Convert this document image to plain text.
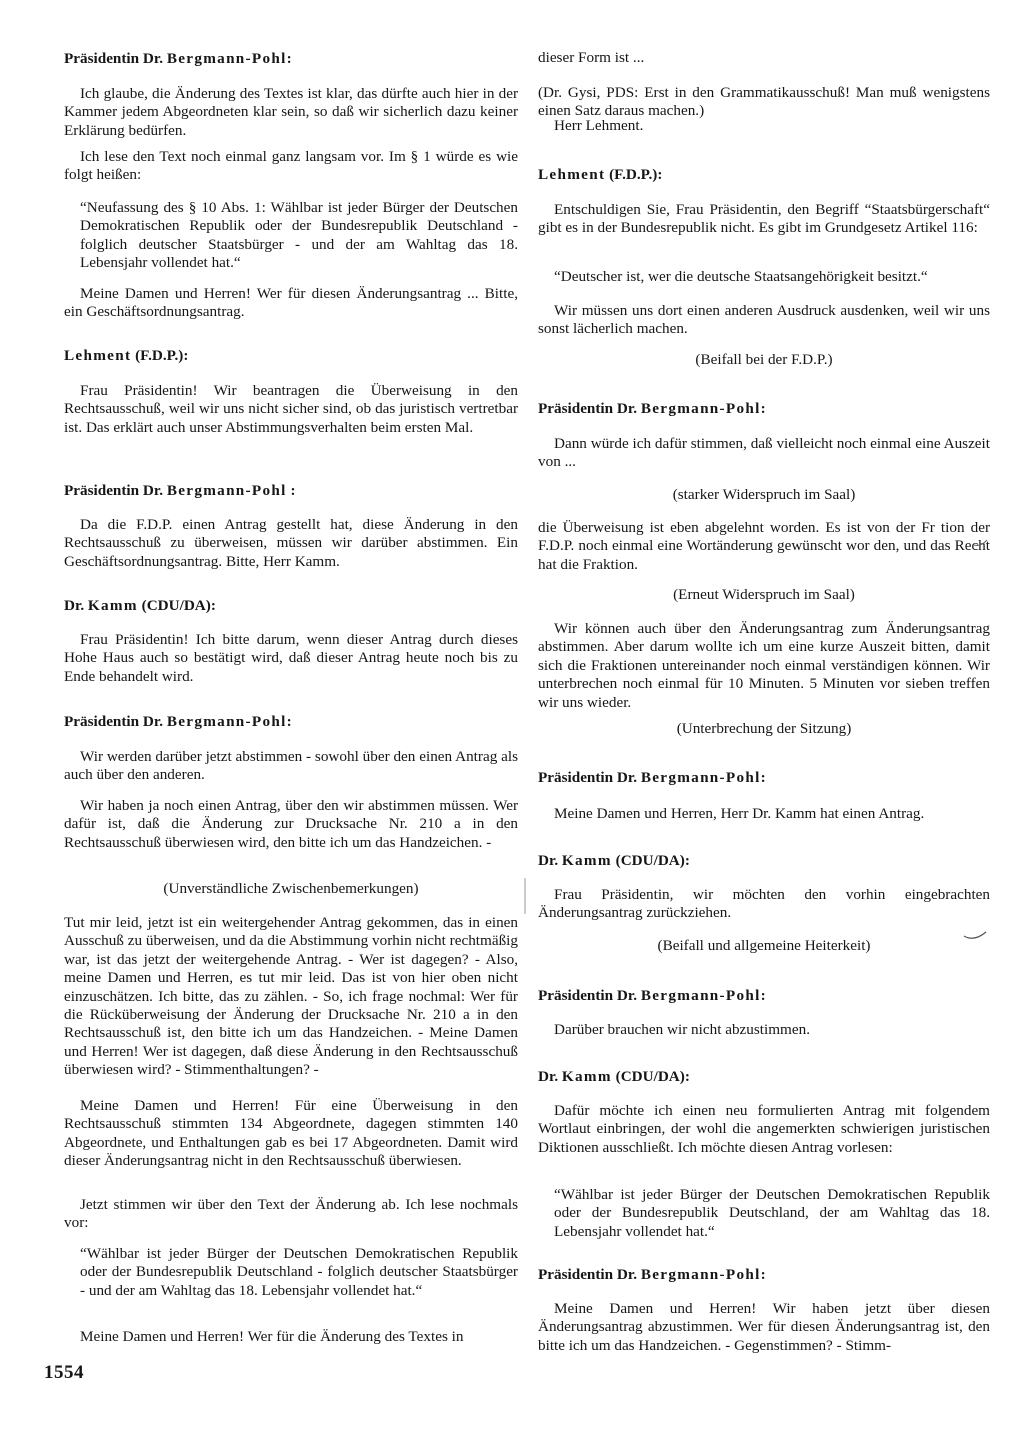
Präsidentin Dr. Bergmann-Pohl:

Ich glaube, die Änderung des Textes ist klar, das dürfte auch hier in der Kammer jedem Abgeordneten klar sein, so daß wir sicherlich dazu keiner Erklärung bedürfen.

Ich lese den Text noch einmal ganz langsam vor. Im § 1 würde es wie folgt heißen:

“Neufassung des § 10 Abs. 1: Wählbar ist jeder Bürger der Deutschen Demokratischen Republik oder der Bundesrepublik Deutschland - folglich deutscher Staatsbürger - und der am Wahltag das 18. Lebensjahr vollendet hat.“

Meine Damen und Herren! Wer für diesen Änderungsantrag ... Bitte, ein Geschäftsordnungsantrag.

Lehment (F.D.P.):

Frau Präsidentin! Wir beantragen die Überweisung in den Rechtsausschuß, weil wir uns nicht sicher sind, ob das juristisch vertretbar ist. Das erklärt auch unser Abstimmungsverhalten beim ersten Mal.

Präsidentin Dr. Bergmann-Pohl :

Da die F.D.P. einen Antrag gestellt hat, diese Änderung in den Rechtsausschuß zu überweisen, müssen wir darüber abstimmen. Ein Geschäftsordnungsantrag. Bitte, Herr Kamm.

Dr. Kamm (CDU/DA):

Frau Präsidentin! Ich bitte darum, wenn dieser Antrag durch dieses Hohe Haus auch so bestätigt wird, daß dieser Antrag heute noch bis zu Ende behandelt wird.

Präsidentin Dr. Bergmann-Pohl:

Wir werden darüber jetzt abstimmen - sowohl über den einen Antrag als auch über den anderen.

Wir haben ja noch einen Antrag, über den wir abstimmen müssen. Wer dafür ist, daß die Änderung zur Drucksache Nr. 210 a in den Rechtsausschuß überwiesen wird, den bitte ich um das Handzeichen. -

(Unverständliche Zwischenbemerkungen)

Tut mir leid, jetzt ist ein weitergehender Antrag gekommen, das in einen Ausschuß zu überweisen, und da die Abstimmung vorhin nicht rechtmäßig war, ist das jetzt der weitergehende Antrag. - Wer ist dagegen? - Also, meine Damen und Herren, es tut mir leid. Das ist von hier oben nicht einzuschätzen. Ich bitte, das zu zählen. - So, ich frage nochmal: Wer für die Rücküberweisung der Änderung der Drucksache Nr. 210 a in den Rechtsausschuß ist, den bitte ich um das Handzeichen. - Meine Damen und Herren! Wer ist dagegen, daß diese Änderung in den Rechtsausschuß überwiesen wird? - Stimmenthaltungen? -

Meine Damen und Herren! Für eine Überweisung in den Rechtsausschuß stimmten 134 Abgeordnete, dagegen stimmten 140 Abgeordnete, und Enthaltungen gab es bei 17 Abgeordneten. Damit wird dieser Änderungsantrag nicht in den Rechtsausschuß überwiesen.

Jetzt stimmen wir über den Text der Änderung ab. Ich lese nochmals vor:

“Wählbar ist jeder Bürger der Deutschen Demokratischen Republik oder der Bundesrepublik Deutschland - folglich deutscher Staatsbürger - und der am Wahltag das 18. Lebensjahr vollendet hat.“

Meine Damen und Herren! Wer für die Änderung des Textes in

dieser Form ist ...

(Dr. Gysi, PDS: Erst in den Grammatikausschuß! Man muß wenigstens einen Satz daraus machen.)

Herr Lehment.

Lehment (F.D.P.):

Entschuldigen Sie, Frau Präsidentin, den Begriff “Staatsbürgerschaft“ gibt es in der Bundesrepublik nicht. Es gibt im Grundgesetz Artikel 116:

“Deutscher ist, wer die deutsche Staatsangehörigkeit besitzt.“

Wir müssen uns dort einen anderen Ausdruck ausdenken, weil wir uns sonst lächerlich machen.

(Beifall bei der F.D.P.)

Präsidentin Dr. Bergmann-Pohl:

Dann würde ich dafür stimmen, daß vielleicht noch einmal eine Auszeit von ...

(starker Widerspruch im Saal)

die Überweisung ist eben abgelehnt worden. Es ist von der Fr tion der F.D.P. noch einmal eine Wortänderung gewünscht wor den, und das Recht hat die Fraktion.

(Erneut Widerspruch im Saal)

Wir können auch über den Änderungsantrag zum Änderungsantrag abstimmen. Aber darum wollte ich um eine kurze Auszeit bitten, damit sich die Fraktionen untereinander noch einmal verständigen können. Wir unterbrechen noch einmal für 10 Minuten. 5 Minuten vor sieben treffen wir uns wieder.

(Unterbrechung der Sitzung)

Präsidentin Dr. Bergmann-Pohl:

Meine Damen und Herren, Herr Dr. Kamm hat einen Antrag.

Dr. Kamm (CDU/DA):

Frau Präsidentin, wir möchten den vorhin eingebrachten Änderungsantrag zurückziehen.

(Beifall und allgemeine Heiterkeit)

Präsidentin Dr. Bergmann-Pohl:

Darüber brauchen wir nicht abzustimmen.

Dr. Kamm (CDU/DA):

Dafür möchte ich einen neu formulierten Antrag mit folgendem Wortlaut einbringen, der wohl die angemerkten schwierigen juristischen Diktionen ausschließt. Ich möchte diesen Antrag vorlesen:

“Wählbar ist jeder Bürger der Deutschen Demokratischen Republik oder der Bundesrepublik Deutschland, der am Wahltag das 18. Lebensjahr vollendet hat.“

Präsidentin Dr. Bergmann-Pohl:

Meine Damen und Herren! Wir haben jetzt über diesen Änderungsantrag abzustimmen. Wer für diesen Änderungsantrag ist, den bitte ich um das Handzeichen. - Gegenstimmen? - Stimm-

1554
